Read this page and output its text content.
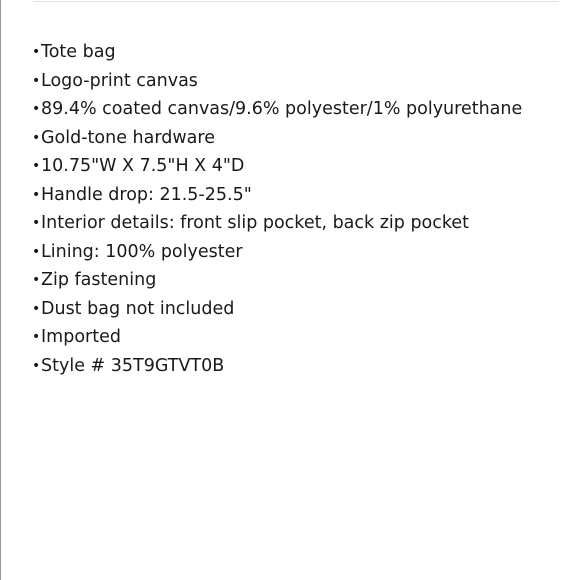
• Tote bag
• Logo-print canvas
• 89.4% coated canvas/9.6% polyester/1% polyurethane
• Gold-tone hardware
• 10.75"W X 7.5"H X 4"D
• Handle drop: 21.5-25.5"
• Interior details: front slip pocket, back zip pocket
• Lining: 100% polyester
• Zip fastening
• Dust bag not included
• Imported
• Style # 35T9GTVT0B
